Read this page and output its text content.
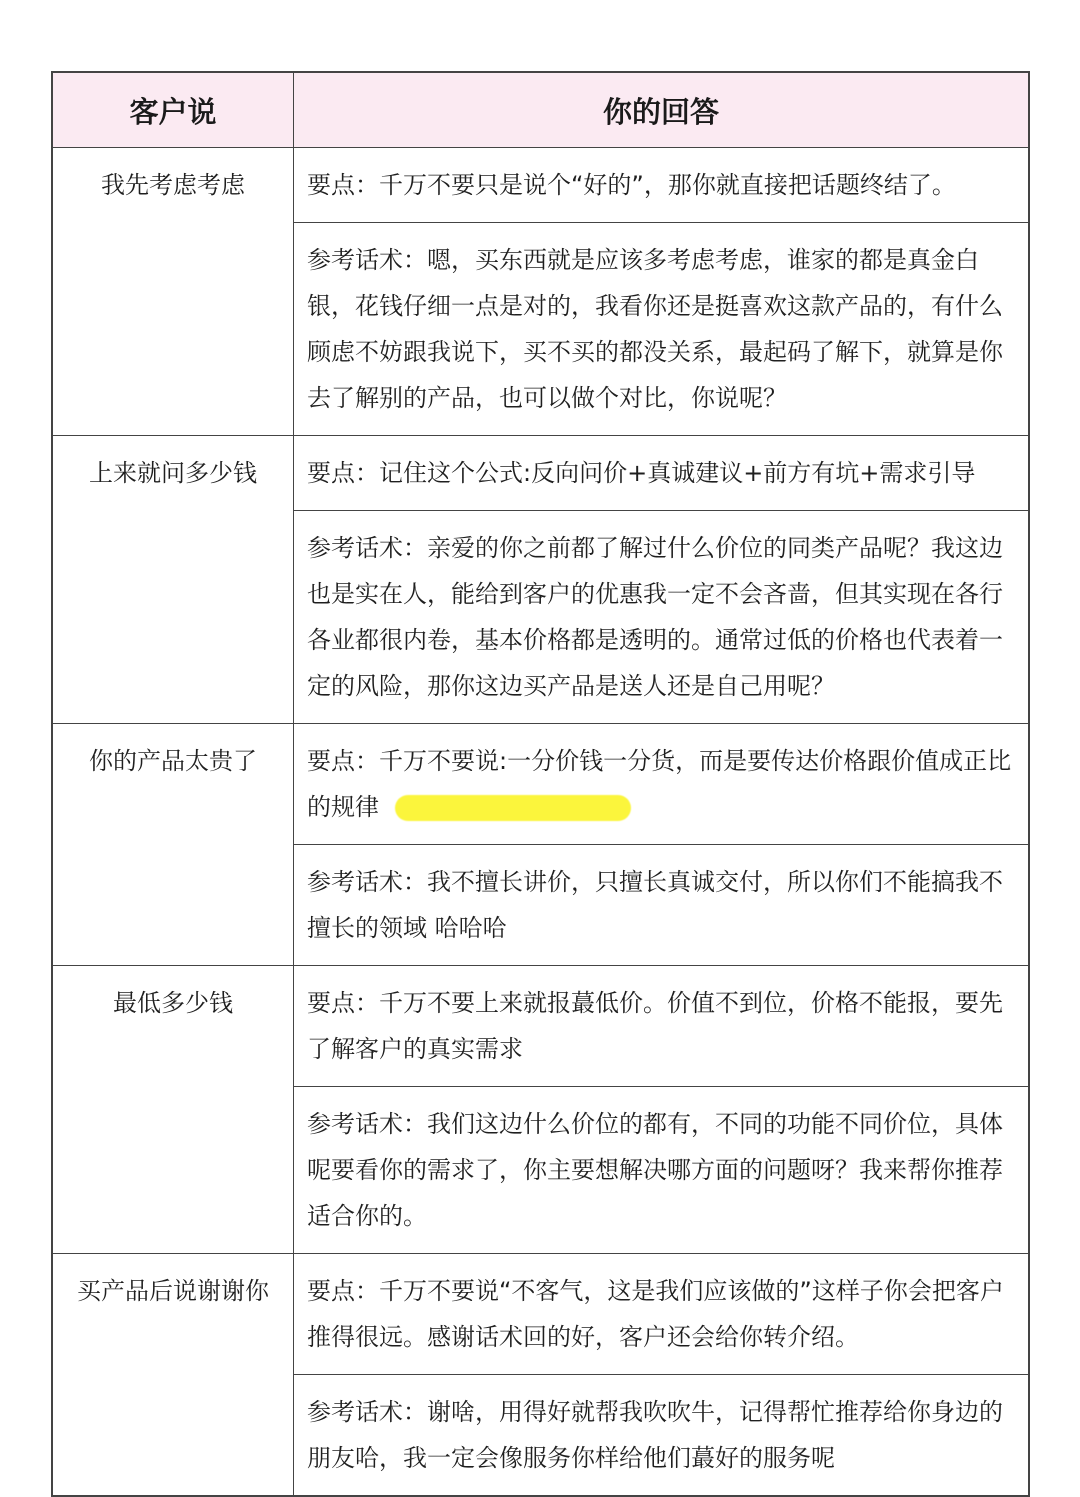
客户说	你的回答
我先考虑考虑	要点：千万不要只是说个“好的”，那你就直接把话题终结了。
	参考话术：嗯，买东西就是应该多考虑考虑，谁家的都是真金白银，花钱仔细一点是对的，我看你还是挺喜欢这款产品的，有什么顾虑不妨跟我说下，买不买的都没关系，最起码了解下，就算是你去了解别的产品，也可以做个对比，你说呢？
上来就问多少钱	要点：记住这个公式:反向问价+真诚建议+前方有坑+需求引导
	参考话术：亲爱的你之前都了解过什么价位的同类产品呢？我这边也是实在人，能给到客户的优惠我一定不会吝啬，但其实现在各行各业都很内卷，基本价格都是透明的。通常过低的价格也代表着一定的风险，那你这边买产品是送人还是自己用呢？
你的产品太贵了	要点：千万不要说:一分价钱一分货，而是要传达价格跟价值成正比的规律
	参考话术：我不擅长讲价，只擅长真诚交付，所以你们不能搞我不擅长的领域 哈哈哈
最低多少钱	要点：千万不要上来就报蕞低价。价值不到位，价格不能报，要先了解客户的真实需求
	参考话术：我们这边什么价位的都有，不同的功能不同价位，具体呢要看你的需求了，你主要想解决哪方面的问题呀？我来帮你推荐适合你的。
买产品后说谢谢你	要点：千万不要说“不客气，这是我们应该做的”这样子你会把客户推得很远。感谢话术回的好，客户还会给你转介绍。
	参考话术：谢啥，用得好就帮我吹吹牛，记得帮忙推荐给你身边的朋友哈，我一定会像服务你样给他们蕞好的服务呢
